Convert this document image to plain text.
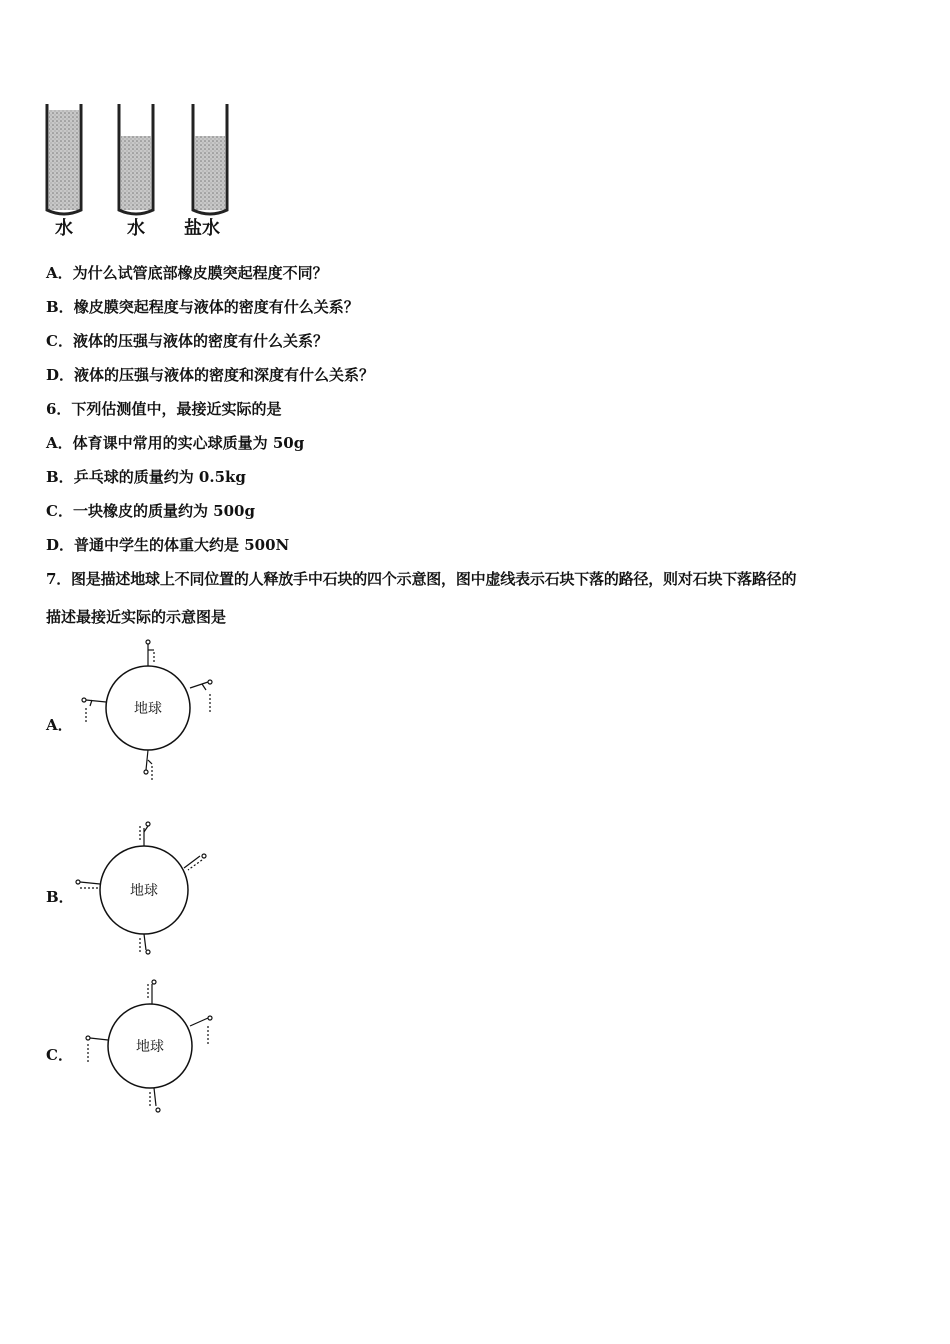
水	水 盐水
A．为什么试管底部橡皮膜突起程度不同？
B．橡皮膜突起程度与液体的密度有什么关系？
C．液体的压强与液体的密度有什么关系？
D．液体的压强与液体的密度和深度有什么关系？
6．下列估测值中，最接近实际的是
A．体育课中常用的实心球质量为 50g
B．乒乓球的质量约为 0.5kg
C．一块橡皮的质量约为 500g
D．普通中学生的体重大约是 500N
7．图是描述地球上不同位置的人释放手中石块的四个示意图，图中虚线表示石块下落的路径，则对石块下落路径的
描述最接近实际的示意图是
A．
地球
B．	地球
C．	地球
